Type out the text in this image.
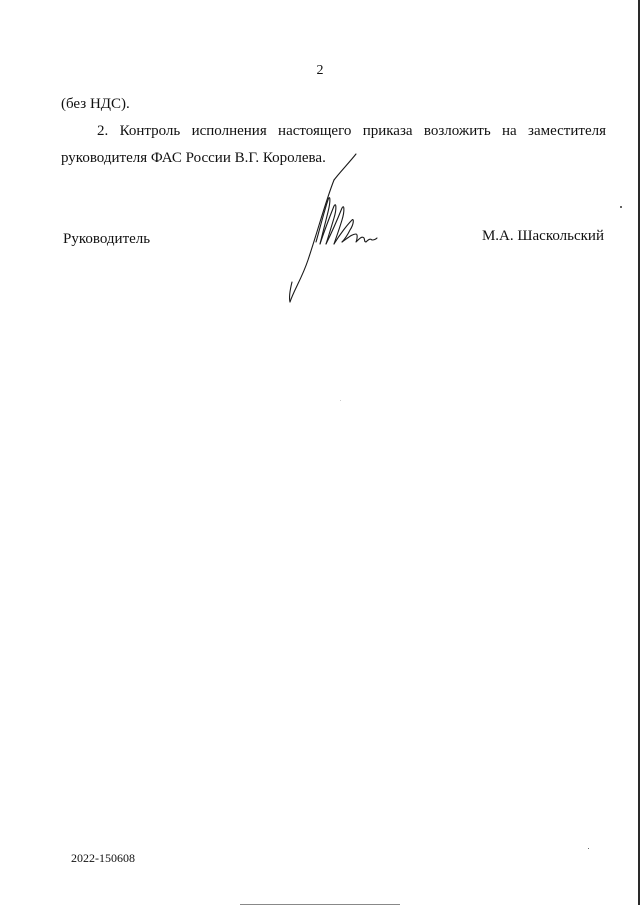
2
(без НДС).
2. Контроль исполнения настоящего приказа возложить на заместителя
руководителя ФАС России В.Г. Королева.
Руководитель	М.А. Шаскольский
2022-150608
